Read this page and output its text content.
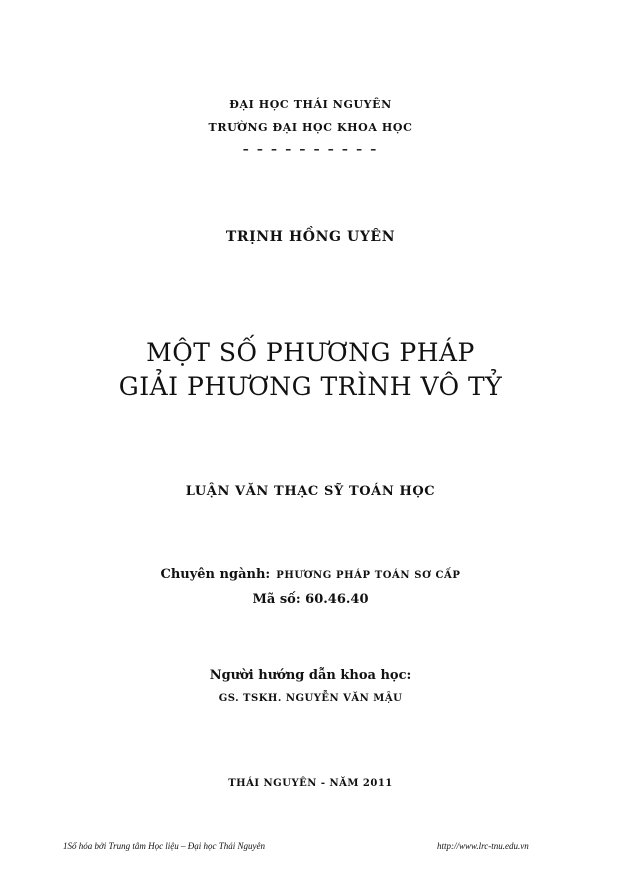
ĐẠI HỌC THÁI NGUYÊN
TRƯỜNG ĐẠI HỌC KHOA HỌC
– – – – – – – – – –
TRỊNH HỒNG UYÊN
MỘT SỐ PHƯƠNG PHÁP
GIẢI PHƯƠNG TRÌNH VÔ TỶ
LUẬN VĂN THẠC SỸ TOÁN HỌC
Chuyên ngành: PHƯƠNG PHÁP TOÁN SƠ CẤP
Mã số: 60.46.40
Người hướng dẫn khoa học:
GS. TSKH. NGUYỄN VĂN MẬU
THÁI NGUYÊN - NĂM 2011
1Số hóa bởi Trung tâm Học liệu – Đại học Thái Nguyên	http://www.lrc-tnu.edu.vn
